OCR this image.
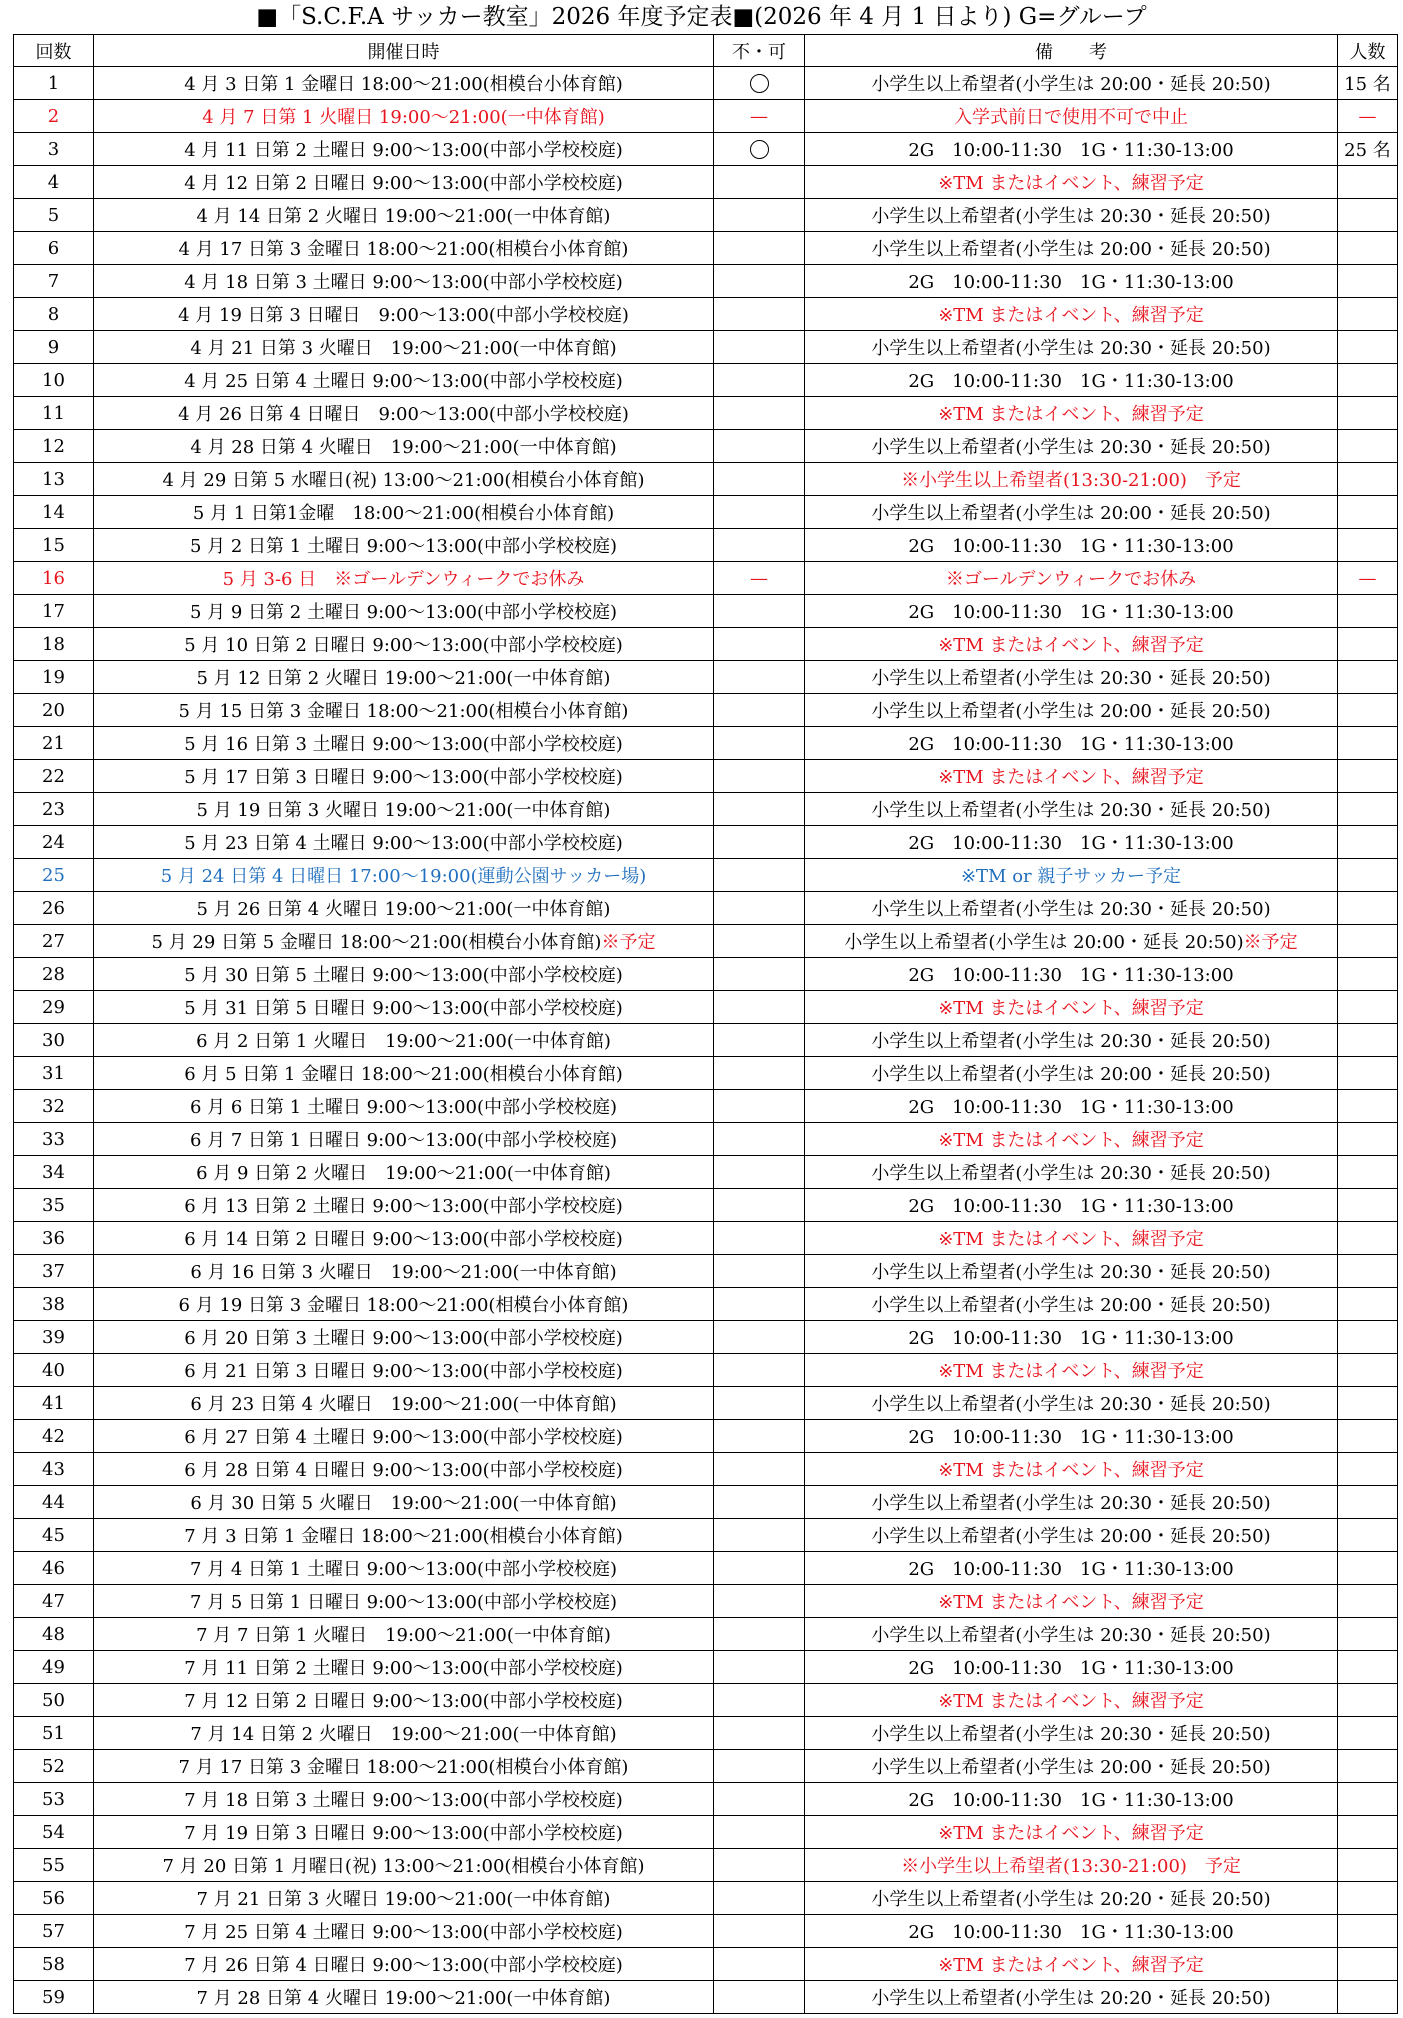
■「S.C.F.A サッカー教室」2026 年度予定表■(2026 年 4 月 1 日より) G=グループ
回数	開催日時	不・可	備　　考	人数
1	4 月 3 日第 1 金曜日 18:00～21:00(相模台小体育館)		小学生以上希望者(小学生は 20:00・延長 20:50)	15 名
2	4 月 7 日第 1 火曜日 19:00～21:00(一中体育館)	—	入学式前日で使用不可で中止	—
3	4 月 11 日第 2 土曜日 9:00～13:00(中部小学校校庭)		2G　10:00-11:30　1G・11:30-13:00	25 名
4	4 月 12 日第 2 日曜日 9:00～13:00(中部小学校校庭)		※TM またはイベント、練習予定	
5	4 月 14 日第 2 火曜日 19:00～21:00(一中体育館)		小学生以上希望者(小学生は 20:30・延長 20:50)	
6	4 月 17 日第 3 金曜日 18:00～21:00(相模台小体育館)		小学生以上希望者(小学生は 20:00・延長 20:50)	
7	4 月 18 日第 3 土曜日 9:00～13:00(中部小学校校庭)		2G　10:00-11:30　1G・11:30-13:00	
8	4 月 19 日第 3 日曜日　9:00～13:00(中部小学校校庭)		※TM またはイベント、練習予定	
9	4 月 21 日第 3 火曜日　19:00～21:00(一中体育館)		小学生以上希望者(小学生は 20:30・延長 20:50)	
10	4 月 25 日第 4 土曜日 9:00～13:00(中部小学校校庭)		2G　10:00-11:30　1G・11:30-13:00	
11	4 月 26 日第 4 日曜日　9:00～13:00(中部小学校校庭)		※TM またはイベント、練習予定	
12	4 月 28 日第 4 火曜日　19:00～21:00(一中体育館)		小学生以上希望者(小学生は 20:30・延長 20:50)	
13	4 月 29 日第 5 水曜日(祝) 13:00～21:00(相模台小体育館)		※小学生以上希望者(13:30-21:00)　予定	
14	5 月 1 日第1金曜　18:00～21:00(相模台小体育館)		小学生以上希望者(小学生は 20:00・延長 20:50)	
15	5 月 2 日第 1 土曜日 9:00～13:00(中部小学校校庭)		2G　10:00-11:30　1G・11:30-13:00	
16	5 月 3-6 日　※ゴールデンウィークでお休み	—	※ゴールデンウィークでお休み	—
17	5 月 9 日第 2 土曜日 9:00～13:00(中部小学校校庭)		2G　10:00-11:30　1G・11:30-13:00	
18	5 月 10 日第 2 日曜日 9:00～13:00(中部小学校校庭)		※TM またはイベント、練習予定	
19	5 月 12 日第 2 火曜日 19:00～21:00(一中体育館)		小学生以上希望者(小学生は 20:30・延長 20:50)	
20	5 月 15 日第 3 金曜日 18:00～21:00(相模台小体育館)		小学生以上希望者(小学生は 20:00・延長 20:50)	
21	5 月 16 日第 3 土曜日 9:00～13:00(中部小学校校庭)		2G　10:00-11:30　1G・11:30-13:00	
22	5 月 17 日第 3 日曜日 9:00～13:00(中部小学校校庭)		※TM またはイベント、練習予定	
23	5 月 19 日第 3 火曜日 19:00～21:00(一中体育館)		小学生以上希望者(小学生は 20:30・延長 20:50)	
24	5 月 23 日第 4 土曜日 9:00～13:00(中部小学校校庭)		2G　10:00-11:30　1G・11:30-13:00	
25	5 月 24 日第 4 日曜日 17:00～19:00(運動公園サッカー場)		※TM or 親子サッカー予定	
26	5 月 26 日第 4 火曜日 19:00～21:00(一中体育館)		小学生以上希望者(小学生は 20:30・延長 20:50)	
27	5 月 29 日第 5 金曜日 18:00～21:00(相模台小体育館)※予定		小学生以上希望者(小学生は 20:00・延長 20:50)※予定	
28	5 月 30 日第 5 土曜日 9:00～13:00(中部小学校校庭)		2G　10:00-11:30　1G・11:30-13:00	
29	5 月 31 日第 5 日曜日 9:00～13:00(中部小学校校庭)		※TM またはイベント、練習予定	
30	6 月 2 日第 1 火曜日　19:00～21:00(一中体育館)		小学生以上希望者(小学生は 20:30・延長 20:50)	
31	6 月 5 日第 1 金曜日 18:00～21:00(相模台小体育館)		小学生以上希望者(小学生は 20:00・延長 20:50)	
32	6 月 6 日第 1 土曜日 9:00～13:00(中部小学校校庭)		2G　10:00-11:30　1G・11:30-13:00	
33	6 月 7 日第 1 日曜日 9:00～13:00(中部小学校校庭)		※TM またはイベント、練習予定	
34	6 月 9 日第 2 火曜日　19:00～21:00(一中体育館)		小学生以上希望者(小学生は 20:30・延長 20:50)	
35	6 月 13 日第 2 土曜日 9:00～13:00(中部小学校校庭)		2G　10:00-11:30　1G・11:30-13:00	
36	6 月 14 日第 2 日曜日 9:00～13:00(中部小学校校庭)		※TM またはイベント、練習予定	
37	6 月 16 日第 3 火曜日　19:00～21:00(一中体育館)		小学生以上希望者(小学生は 20:30・延長 20:50)	
38	6 月 19 日第 3 金曜日 18:00～21:00(相模台小体育館)		小学生以上希望者(小学生は 20:00・延長 20:50)	
39	6 月 20 日第 3 土曜日 9:00～13:00(中部小学校校庭)		2G　10:00-11:30　1G・11:30-13:00	
40	6 月 21 日第 3 日曜日 9:00～13:00(中部小学校校庭)		※TM またはイベント、練習予定	
41	6 月 23 日第 4 火曜日　19:00～21:00(一中体育館)		小学生以上希望者(小学生は 20:30・延長 20:50)	
42	6 月 27 日第 4 土曜日 9:00～13:00(中部小学校校庭)		2G　10:00-11:30　1G・11:30-13:00	
43	6 月 28 日第 4 日曜日 9:00～13:00(中部小学校校庭)		※TM またはイベント、練習予定	
44	6 月 30 日第 5 火曜日　19:00～21:00(一中体育館)		小学生以上希望者(小学生は 20:30・延長 20:50)	
45	7 月 3 日第 1 金曜日 18:00～21:00(相模台小体育館)		小学生以上希望者(小学生は 20:00・延長 20:50)	
46	7 月 4 日第 1 土曜日 9:00～13:00(中部小学校校庭)		2G　10:00-11:30　1G・11:30-13:00	
47	7 月 5 日第 1 日曜日 9:00～13:00(中部小学校校庭)		※TM またはイベント、練習予定	
48	7 月 7 日第 1 火曜日　19:00～21:00(一中体育館)		小学生以上希望者(小学生は 20:30・延長 20:50)	
49	7 月 11 日第 2 土曜日 9:00～13:00(中部小学校校庭)		2G　10:00-11:30　1G・11:30-13:00	
50	7 月 12 日第 2 日曜日 9:00～13:00(中部小学校校庭)		※TM またはイベント、練習予定	
51	7 月 14 日第 2 火曜日　19:00～21:00(一中体育館)		小学生以上希望者(小学生は 20:30・延長 20:50)	
52	7 月 17 日第 3 金曜日 18:00～21:00(相模台小体育館)		小学生以上希望者(小学生は 20:00・延長 20:50)	
53	7 月 18 日第 3 土曜日 9:00～13:00(中部小学校校庭)		2G　10:00-11:30　1G・11:30-13:00	
54	7 月 19 日第 3 日曜日 9:00～13:00(中部小学校校庭)		※TM またはイベント、練習予定	
55	7 月 20 日第 1 月曜日(祝) 13:00～21:00(相模台小体育館)		※小学生以上希望者(13:30-21:00)　予定	
56	7 月 21 日第 3 火曜日 19:00～21:00(一中体育館)		小学生以上希望者(小学生は 20:20・延長 20:50)	
57	7 月 25 日第 4 土曜日 9:00～13:00(中部小学校校庭)		2G　10:00-11:30　1G・11:30-13:00	
58	7 月 26 日第 4 日曜日 9:00～13:00(中部小学校校庭)		※TM またはイベント、練習予定	
59	7 月 28 日第 4 火曜日 19:00～21:00(一中体育館)		小学生以上希望者(小学生は 20:20・延長 20:50)	
